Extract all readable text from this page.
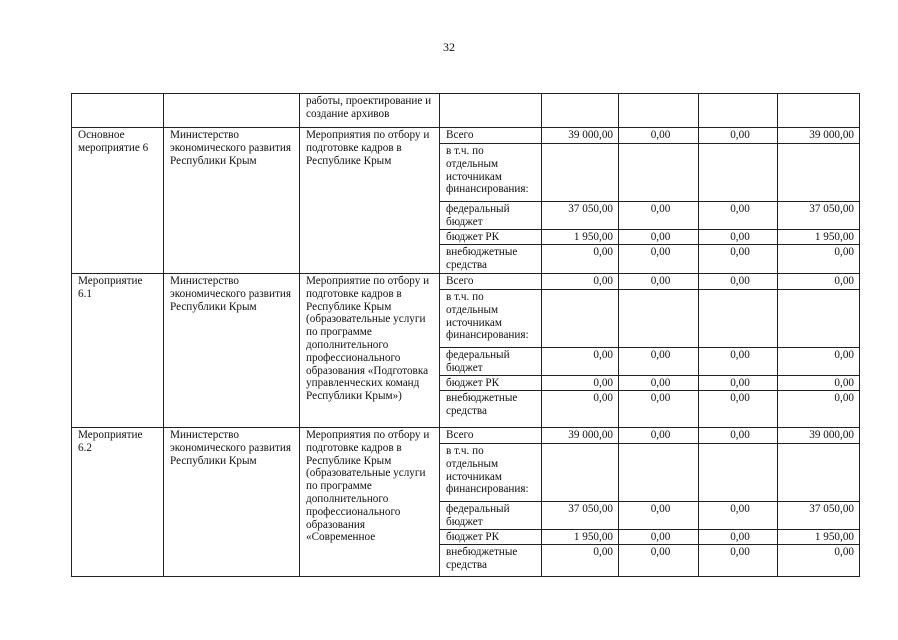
32
		работы, проектирование и создание архивов					
Основное мероприятие 6	Министерство экономического развития Республики Крым	Мероприятия по отбору и подготовке кадров в Республике Крым	Всего	39 000,00	0,00	0,00	39 000,00
			в т.ч. по отдельным источникам финансирования:				
			федеральный бюджет	37 050,00	0,00	0,00	37 050,00
			бюджет РК	1 950,00	0,00	0,00	1 950,00
			внебюджетные средства	0,00	0,00	0,00	0,00
Мероприятие 6.1	Министерство экономического развития Республики Крым	Мероприятие по отбору и подготовке кадров в Республике Крым (образовательные услуги по программе дополнительного профессионального образования «Подготовка управленческих команд Республики Крым»)	Всего	0,00	0,00	0,00	0,00
			в т.ч. по отдельным источникам финансирования:				
			федеральный бюджет	0,00	0,00	0,00	0,00
			бюджет РК	0,00	0,00	0,00	0,00
			внебюджетные средства	0,00	0,00	0,00	0,00
Мероприятие 6.2	Министерство экономического развития Республики Крым	Мероприятия по отбору и подготовке кадров в Республике Крым (образовательные услуги по программе дополнительного профессионального образования «Современное	Всего	39 000,00	0,00	0,00	39 000,00
			в т.ч. по отдельным источникам финансирования:				
			федеральный бюджет	37 050,00	0,00	0,00	37 050,00
			бюджет РК	1 950,00	0,00	0,00	1 950,00
			внебюджетные средства	0,00	0,00	0,00	0,00
